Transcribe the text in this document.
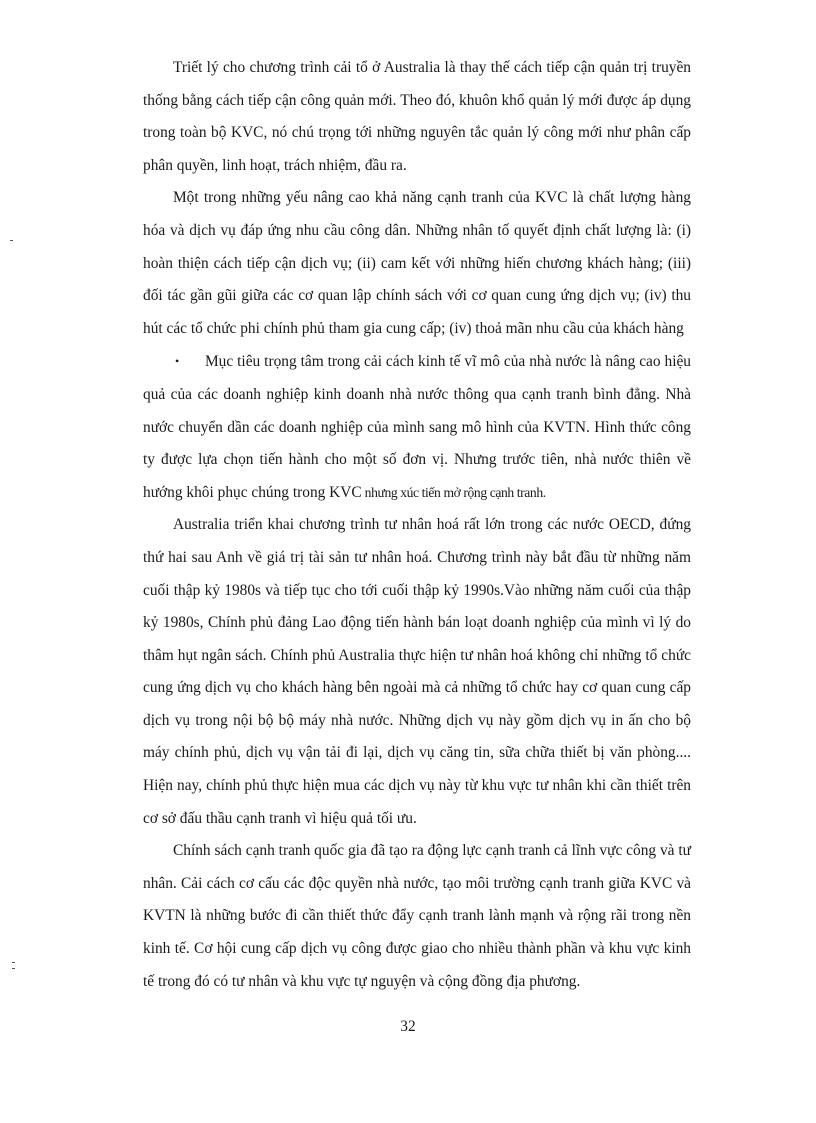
Triết lý cho chương trình cải tổ ở Australia là thay thế cách tiếp cận quản trị truyền thống bằng cách tiếp cận công quản mới. Theo đó, khuôn khổ quản lý mới được áp dụng trong toàn bộ KVC, nó chú trọng tới những nguyên tắc quản lý công mới như phân cấp phân quyền, linh hoạt, trách nhiệm, đầu ra.

Một trong những yếu nâng cao khả năng cạnh tranh của KVC là chất lượng hàng hóa và dịch vụ đáp ứng nhu cầu công dân. Những nhân tố quyết định chất lượng là: (i) hoàn thiện cách tiếp cận dịch vụ; (ii) cam kết với những hiến chương khách hàng; (iii) đối tác gần gũi giữa các cơ quan lập chính sách với cơ quan cung ứng dịch vụ; (iv) thu hút các tổ chức phi chính phủ tham gia cung cấp; (iv) thoả mãn nhu cầu của khách hàng

• Mục tiêu trọng tâm trong cải cách kinh tế vĩ mô của nhà nước là nâng cao hiệu quả của các doanh nghiệp kinh doanh nhà nước thông qua cạnh tranh bình đẳng. Nhà nước chuyển dần các doanh nghiệp của mình sang mô hình của KVTN. Hình thức công ty được lựa chọn tiến hành cho một số đơn vị. Nhưng trước tiên, nhà nước thiên về hướng khôi phục chúng trong KVC nhưng xúc tiến mở rộng cạnh tranh.

Australia triển khai chương trình tư nhân hoá rất lớn trong các nước OECD, đứng thứ hai sau Anh về giá trị tài sản tư nhân hoá. Chương trình này bắt đầu từ những năm cuối thập kỷ 1980s và tiếp tục cho tới cuối thập kỷ 1990s.Vào những năm cuối của thập kỷ 1980s, Chính phủ đảng Lao động tiến hành bán loạt doanh nghiệp của mình vì lý do thâm hụt ngân sách. Chính phủ Australia thực hiện tư nhân hoá không chỉ những tổ chức cung ứng dịch vụ cho khách hàng bên ngoài mà cả những tổ chức hay cơ quan cung cấp dịch vụ trong nội bộ bộ máy nhà nước. Những dịch vụ này gồm dịch vụ in ấn cho bộ máy chính phủ, dịch vụ vận tải đi lại, dịch vụ căng tin, sữa chữa thiết bị văn phòng.... Hiện nay, chính phủ thực hiện mua các dịch vụ này từ khu vực tư nhân khi cần thiết trên cơ sở đấu thầu cạnh tranh vì hiệu quả tối ưu.

Chính sách cạnh tranh quốc gia đã tạo ra động lực cạnh tranh cả lĩnh vực công và tư nhân. Cải cách cơ cấu các độc quyền nhà nước, tạo môi trường cạnh tranh giữa KVC và KVTN là những bước đi cần thiết thức đẩy cạnh tranh lành mạnh và rộng rãi trong nền kinh tế. Cơ hội cung cấp dịch vụ công được giao cho nhiều thành phần và khu vực kinh tế trong đó có tư nhân và khu vực tự nguyện và cộng đồng địa phương.

32
